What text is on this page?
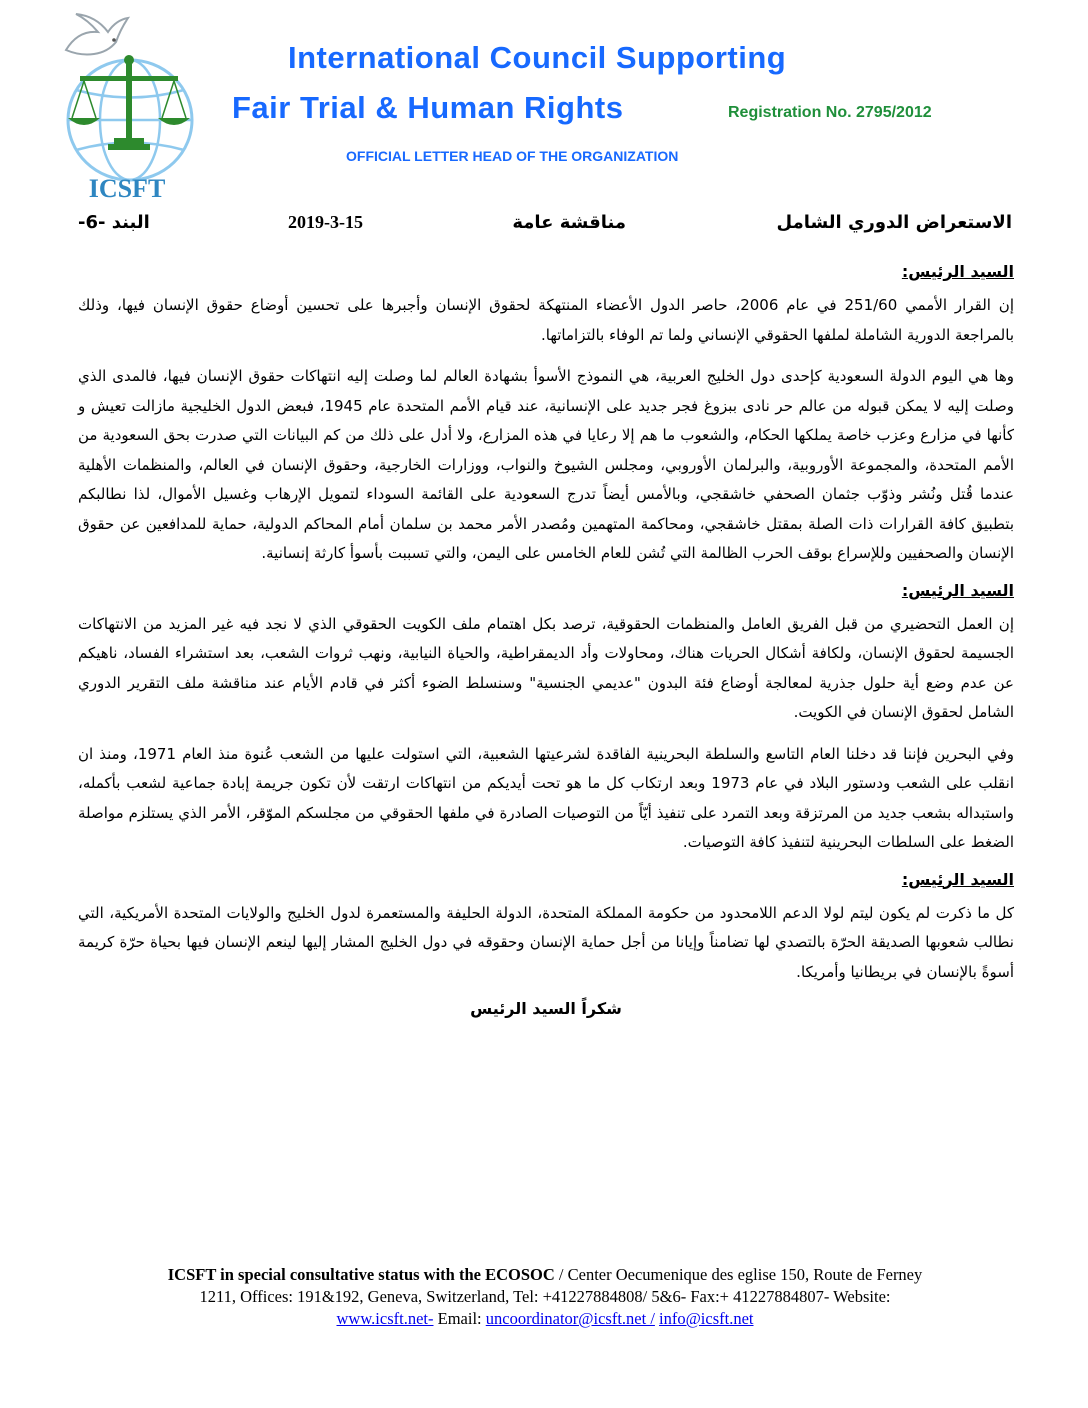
ICSFT
International Council Supporting
Fair Trial & Human Rights	Registration No. 2795/2012
OFFICIAL LETTER HEAD OF THE ORGANIZATION
الاستعراض الدوري الشامل
مناقشة عامة
2019-3-15
البند -6-

السيد الرئيس:

إن القرار الأممي 251/60 في عام 2006، حاصر الدول الأعضاء المنتهكة لحقوق الإنسان وأجبرها على تحسين أوضاع حقوق الإنسان فيها، وذلك بالمراجعة الدورية الشاملة لملفها الحقوقي الإنساني ولما تم الوفاء بالتزاماتها.

وها هي اليوم الدولة السعودية كإحدى دول الخليج العربية، هي النموذج الأسوأ بشهادة العالم لما وصلت إليه انتهاكات حقوق الإنسان فيها، فالمدى الذي وصلت إليه لا يمكن قبوله من عالم حر نادى ببزوغ فجر جديد على الإنسانية، عند قيام الأمم المتحدة عام 1945، فبعض الدول الخليجية مازالت تعيش و كأنها في مزارع وعزب خاصة يملكها الحكام، والشعوب ما هم إلا رعايا في هذه المزارع، ولا أدل على ذلك من كم البيانات التي صدرت بحق السعودية من الأمم المتحدة، والمجموعة الأوروبية، والبرلمان الأوروبي، ومجلس الشيوخ والنواب، ووزارات الخارجية، وحقوق الإنسان في العالم، والمنظمات الأهلية عندما قُتل ونُشر وذوّب جثمان الصحفي خاشقجي، وبالأمس أيضاً تدرج السعودية على القائمة السوداء لتمويل الإرهاب وغسيل الأموال، لذا نطالبكم بتطبيق كافة القرارات ذات الصلة بمقتل خاشقجي، ومحاكمة المتهمين ومُصدر الأمر محمد بن سلمان أمام المحاكم الدولية، حماية للمدافعين عن حقوق الإنسان والصحفيين وللإسراع بوقف الحرب الظالمة التي تُشن للعام الخامس على اليمن، والتي تسببت بأسوأ كارثة إنسانية.

السيد الرئيس:

إن العمل التحضيري من قبل الفريق العامل والمنظمات الحقوقية، ترصد بكل اهتمام ملف الكويت الحقوقي الذي لا نجد فيه غير المزيد من الانتهاكات الجسيمة لحقوق الإنسان، ولكافة أشكال الحريات هناك، ومحاولات وأد الديمقراطية، والحياة النيابية، ونهب ثروات الشعب، بعد استشراء الفساد، ناهيكم عن عدم وضع أية حلول جذرية لمعالجة أوضاع فئة البدون "عديمي الجنسية" وسنسلط الضوء أكثر في قادم الأيام عند مناقشة ملف التقرير الدوري الشامل لحقوق الإنسان في الكويت.

وفي البحرين فإننا قد دخلنا العام التاسع والسلطة البحرينية الفاقدة لشرعيتها الشعبية، التي استولت عليها من الشعب عُنوة منذ العام 1971، ومنذ ان انقلب على الشعب ودستور البلاد في عام 1973 وبعد ارتكاب كل ما هو تحت أيديكم من انتهاكات ارتقت لأن تكون جريمة إبادة جماعية لشعب بأكمله، واستبداله بشعب جديد من المرتزقة وبعد التمرد على تنفيذ أيّاً من التوصيات الصادرة في ملفها الحقوقي من مجلسكم الموّقر، الأمر الذي يستلزم مواصلة الضغط على السلطات البحرينية لتنفيذ كافة التوصيات.

السيد الرئيس:

كل ما ذكرت لم يكون ليتم لولا الدعم اللامحدود من حكومة المملكة المتحدة، الدولة الحليفة والمستعمرة لدول الخليج والولايات المتحدة الأمريكية، التي نطالب شعوبها الصديقة الحرّة بالتصدي لها تضامناً وإيانا من أجل حماية الإنسان وحقوقه في دول الخليج المشار إليها لينعم الإنسان فيها بحياة حرّة كريمة أسوةً بالإنسان في بريطانيا وأمريكا.

شكراً السيد الرئيس

ICSFT in special consultative status with the ECOSOC / Center Oecumenique des eglise 150, Route de Ferney
1211, Offices: 191&192, Geneva, Switzerland, Tel: +41227884808/ 5&6- Fax:+ 41227884807- Website:
www.icsft.net- Email: uncoordinator@icsft.net / info@icsft.net
